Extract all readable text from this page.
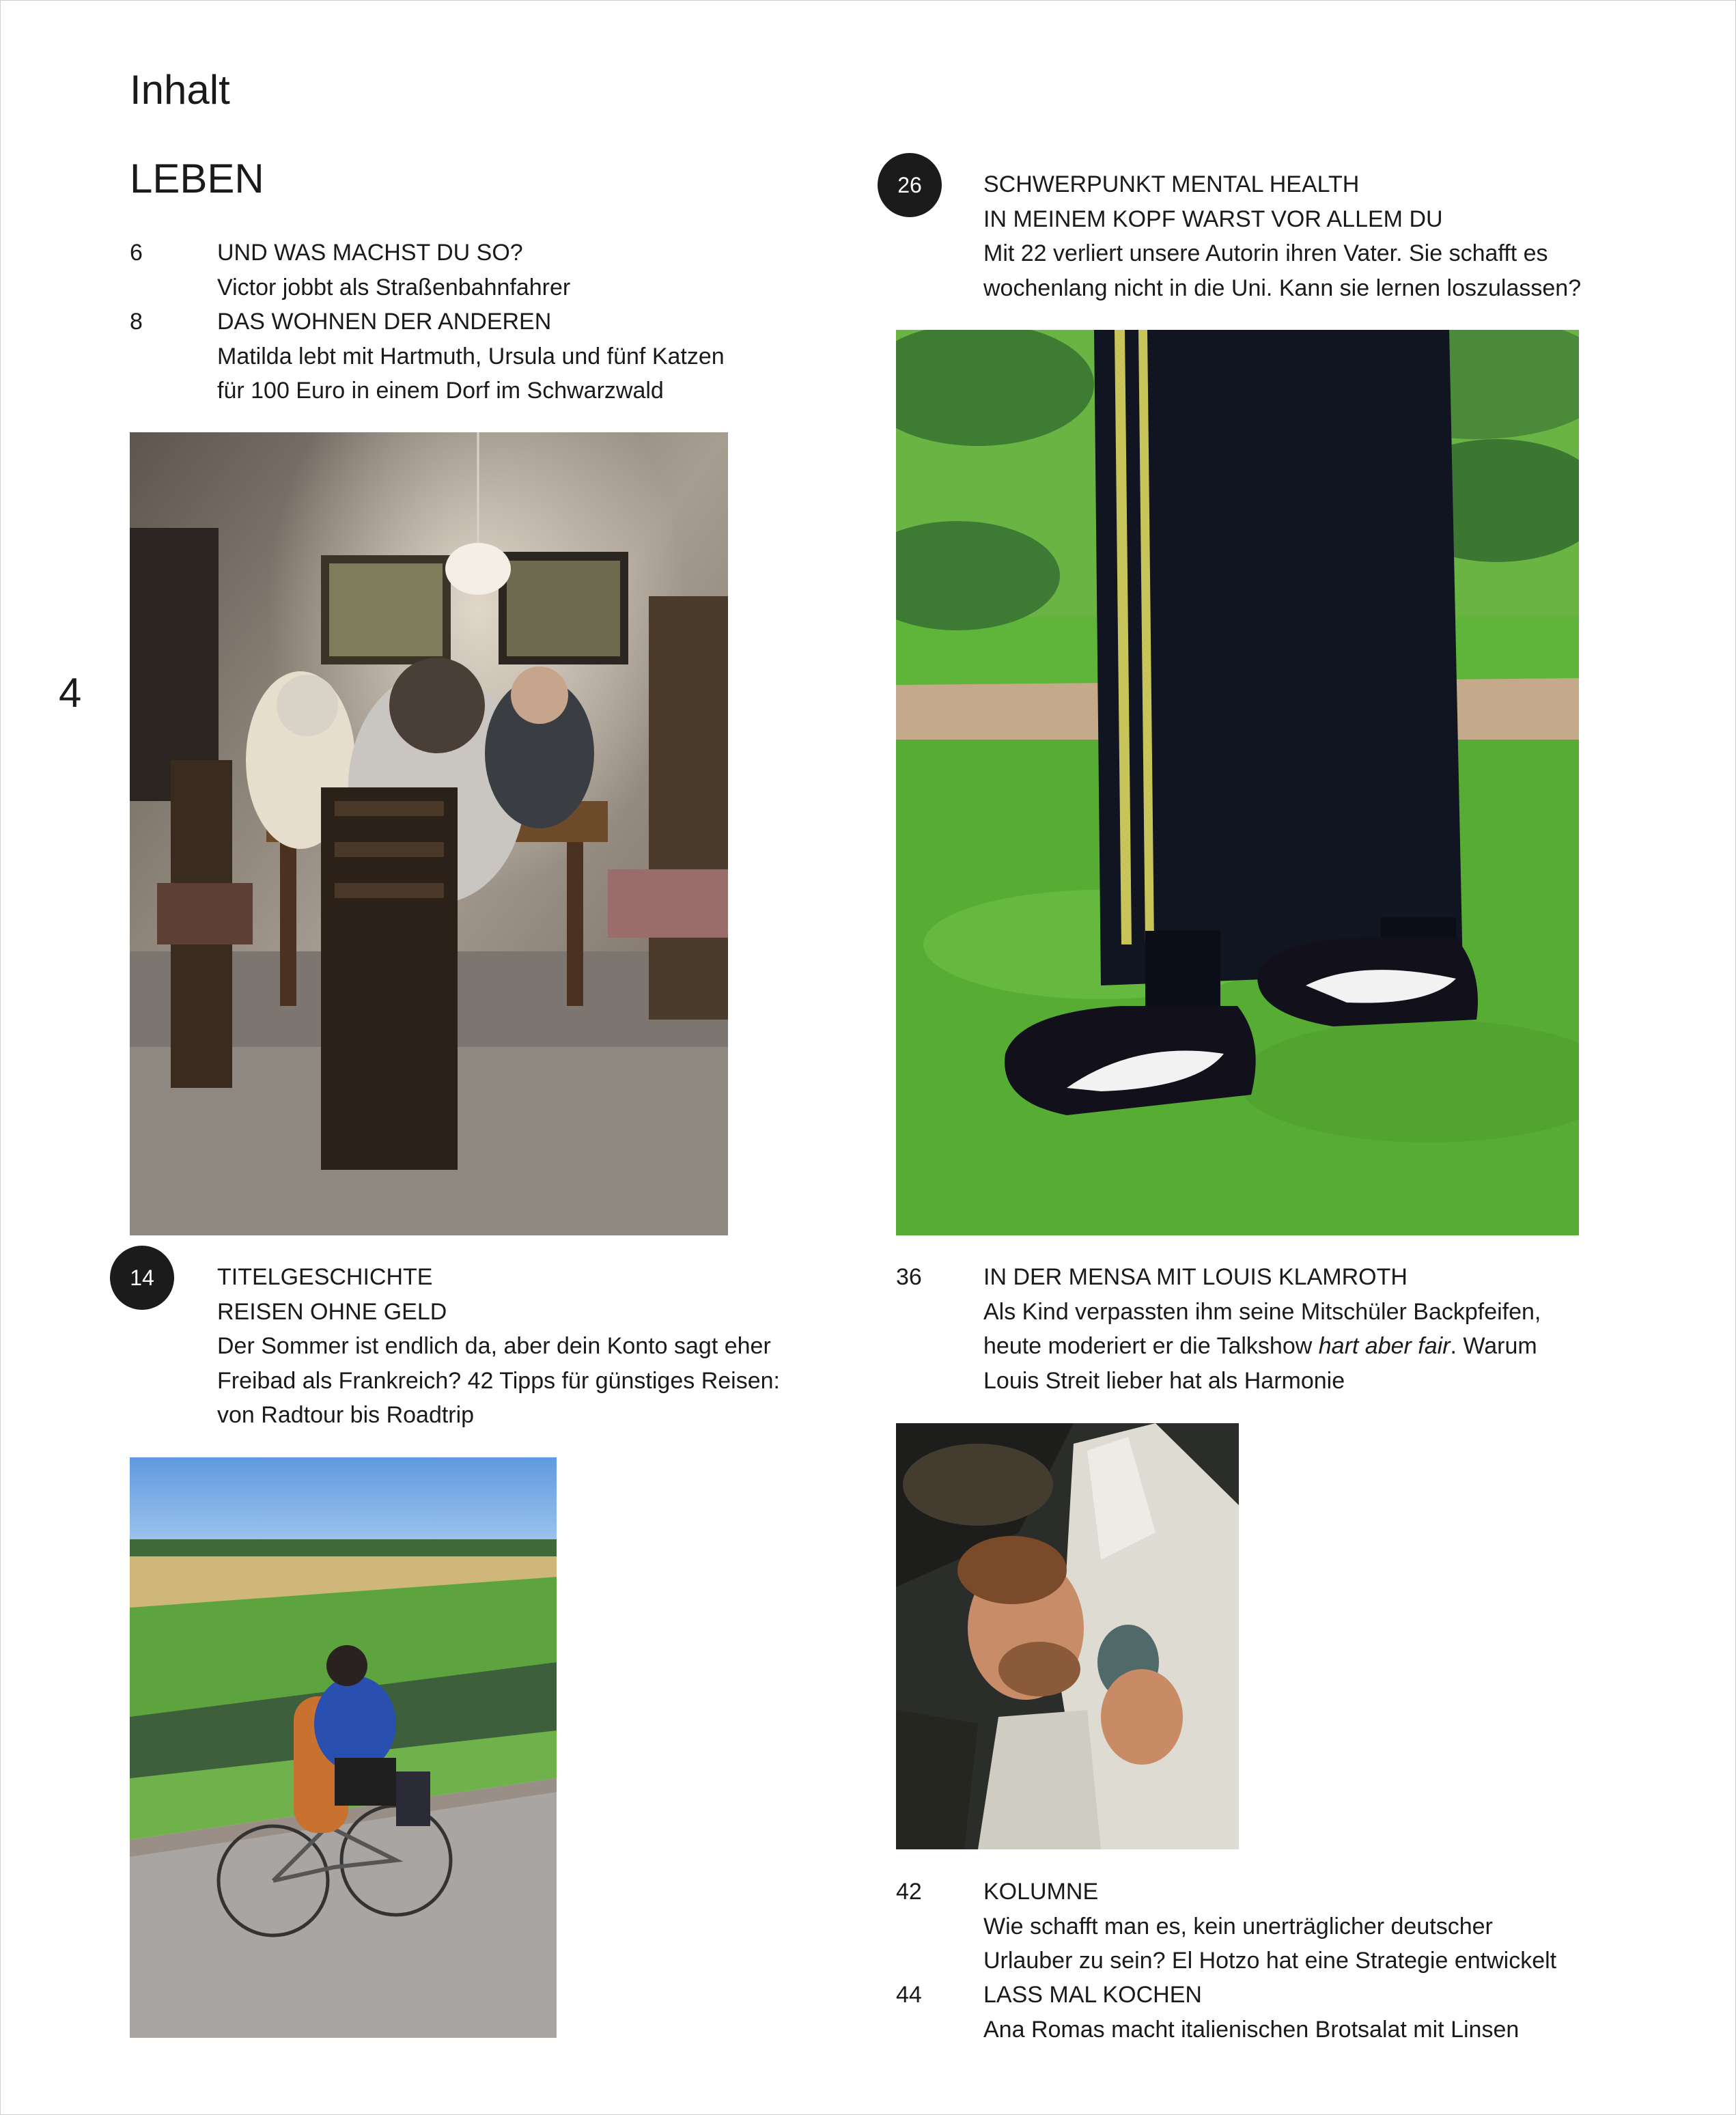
Inhalt
LEBEN
4
6	UND WAS MACHST DU SO?
Victor jobbt als Straßenbahnfahrer
8	DAS WOHNEN DER ANDEREN
Matilda lebt mit Hartmuth, Ursula und fünf Katzen
für 100 Euro in einem Dorf im Schwarzwald
14	TITELGESCHICHTE
REISEN OHNE GELD
Der Sommer ist endlich da, aber dein Konto sagt eher
Freibad als Frankreich? 42 Tipps für günstiges Reisen:
von Radtour bis Roadtrip
26	SCHWERPUNKT MENTAL HEALTH
IN MEINEM KOPF WARST VOR ALLEM DU
Mit 22 verliert unsere Autorin ihren Vater. Sie schafft es
wochenlang nicht in die Uni. Kann sie lernen loszulassen?
36	IN DER MENSA MIT LOUIS KLAMROTH
Als Kind verpassten ihm seine Mitschüler Backpfeifen,
heute moderiert er die Talkshow hart aber fair. Warum
Louis Streit lieber hat als Harmonie
42	KOLUMNE
Wie schafft man es, kein unerträglicher deutscher
Urlauber zu sein? El Hotzo hat eine Strategie entwickelt
44	LASS MAL KOCHEN
Ana Romas macht italienischen Brotsalat mit Linsen
